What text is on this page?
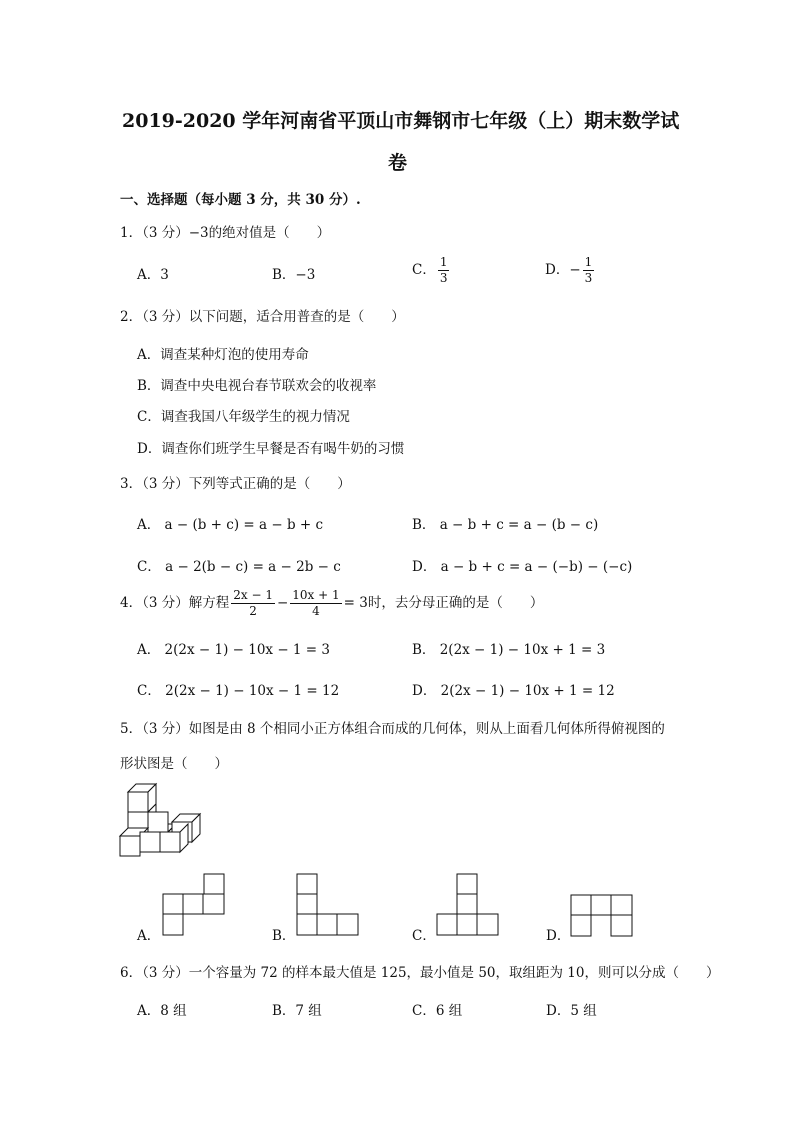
2019-2020 学年河南省平顶山市舞钢市七年级（上）期末数学试
卷
一、选择题（每小题 3 分，共 30 分）.
1．（3 分）−3的绝对值是（　　）
A．3	B．−3	C． $\frac{1}{3}$	D．− $\frac{1}{3}$
2．（3 分）以下问题，适合用普查的是（　　）
A．调查某种灯泡的使用寿命
B．调查中央电视台春节联欢会的收视率
C．调查我国八年级学生的视力情况
D．调查你们班学生早餐是否有喝牛奶的习惯
3．（3 分）下列等式正确的是（　　）
A． a − (b + c) = a − b + c	B． a − b + c = a − (b − c)
C． a − 2(b − c) = a − 2b − c	D． a − b + c = a − (−b) − (−c)
4．（3 分）解方程 $\frac{2x - 1}{2} - \frac{10x + 1}{4} = 3$时，去分母正确的是（　　）
A． 2(2x − 1) − 10x − 1 = 3	B． 2(2x − 1) − 10x + 1 = 3
C． 2(2x − 1) − 10x − 1 = 12	D． 2(2x − 1) − 10x + 1 = 12
5．（3 分）如图是由 8 个相同小正方体组合而成的几何体，则从上面看几何体所得俯视图的
形状图是（　　）
A．	B．	C．	D．
6．（3 分）一个容量为 72 的样本最大值是 125，最小值是 50，取组距为 10，则可以分成（　　）
A．8 组	B．7 组	C．6 组	D．5 组
